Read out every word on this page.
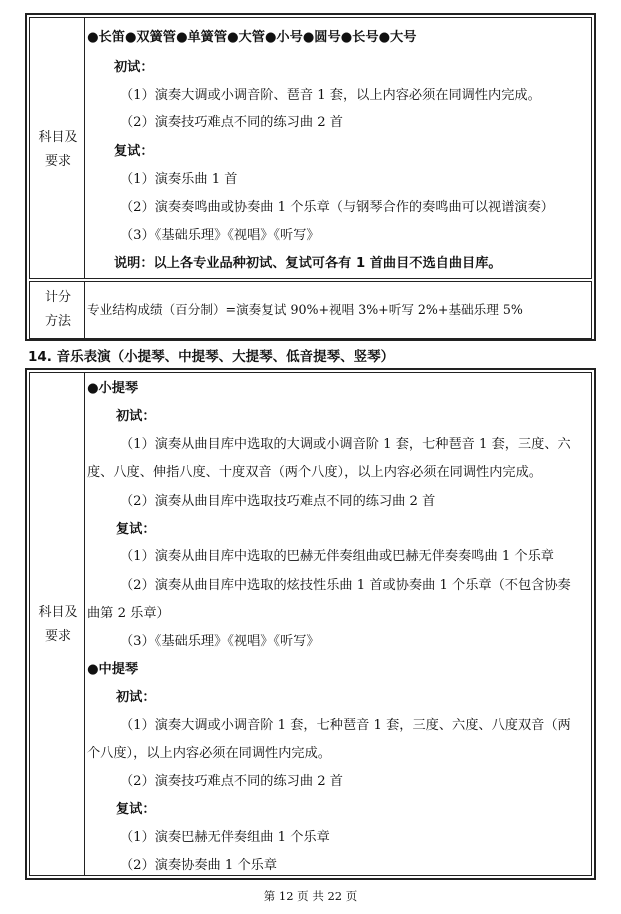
科目及
要求
●长笛●双簧管●单簧管●大管●小号●圆号●长号●大号
初试：
（1）演奏大调或小调音阶、琶音 1 套，以上内容必须在同调性内完成。
（2）演奏技巧难点不同的练习曲 2 首
复试：
（1）演奏乐曲 1 首
（2）演奏奏鸣曲或协奏曲 1 个乐章（与钢琴合作的奏鸣曲可以视谱演奏）
（3）《基础乐理》《视唱》《听写》
说明：以上各专业品种初试、复试可各有 1 首曲目不选自曲目库。
计分
方法
专业结构成绩（百分制）=演奏复试 90%+视唱 3%+听写 2%+基础乐理 5%
14. 音乐表演（小提琴、中提琴、大提琴、低音提琴、竖琴）
科目及
要求
●小提琴
初试：
（1）演奏从曲目库中选取的大调或小调音阶 1 套，七种琶音 1 套，三度、六
度、八度、伸指八度、十度双音（两个八度），以上内容必须在同调性内完成。
（2）演奏从曲目库中选取技巧难点不同的练习曲 2 首
复试：
（1）演奏从曲目库中选取的巴赫无伴奏组曲或巴赫无伴奏奏鸣曲 1 个乐章
（2）演奏从曲目库中选取的炫技性乐曲 1 首或协奏曲 1 个乐章（不包含协奏
曲第 2 乐章）
（3）《基础乐理》《视唱》《听写》
●中提琴
初试：
（1）演奏大调或小调音阶 1 套，七种琶音 1 套，三度、六度、八度双音（两
个八度），以上内容必须在同调性内完成。
（2）演奏技巧难点不同的练习曲 2 首
复试：
（1）演奏巴赫无伴奏组曲 1 个乐章
（2）演奏协奏曲 1 个乐章
第 12 页 共 22 页
